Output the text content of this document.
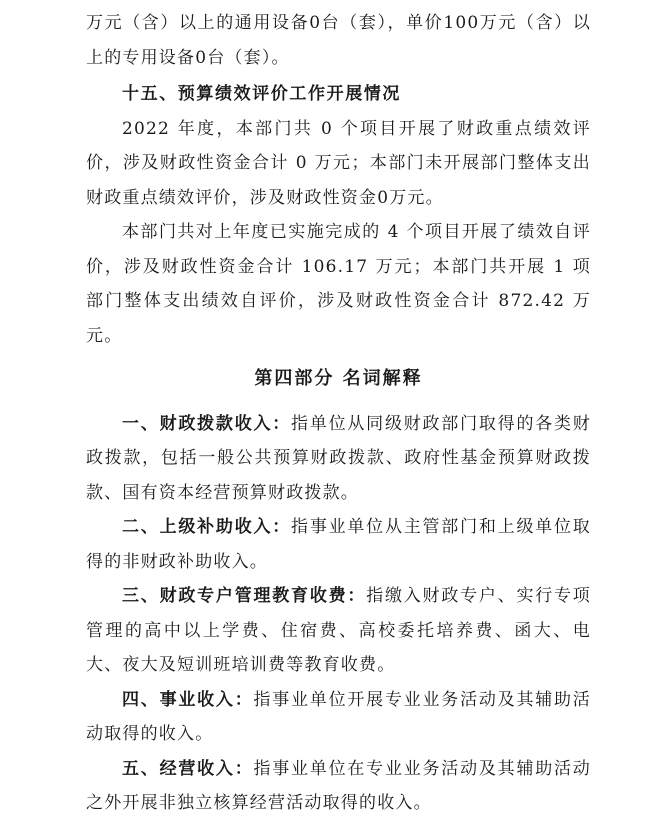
万元（含）以上的通用设备0台（套），单价100万元（含）以上的专用设备0台（套）。

十五、预算绩效评价工作开展情况

2022 年度，本部门共 0 个项目开展了财政重点绩效评价，涉及财政性资金合计 0 万元；本部门未开展部门整体支出财政重点绩效评价，涉及财政性资金0万元。

本部门共对上年度已实施完成的 4 个项目开展了绩效自评价，涉及财政性资金合计 106.17 万元；本部门共开展 1 项部门整体支出绩效自评价，涉及财政性资金合计 872.42 万元。

第四部分 名词解释

一、财政拨款收入：指单位从同级财政部门取得的各类财政拨款，包括一般公共预算财政拨款、政府性基金预算财政拨款、国有资本经营预算财政拨款。

二、上级补助收入：指事业单位从主管部门和上级单位取得的非财政补助收入。

三、财政专户管理教育收费：指缴入财政专户、实行专项管理的高中以上学费、住宿费、高校委托培养费、函大、电大、夜大及短训班培训费等教育收费。

四、事业收入：指事业单位开展专业业务活动及其辅助活动取得的收入。

五、经营收入：指事业单位在专业业务活动及其辅助活动之外开展非独立核算经营活动取得的收入。
